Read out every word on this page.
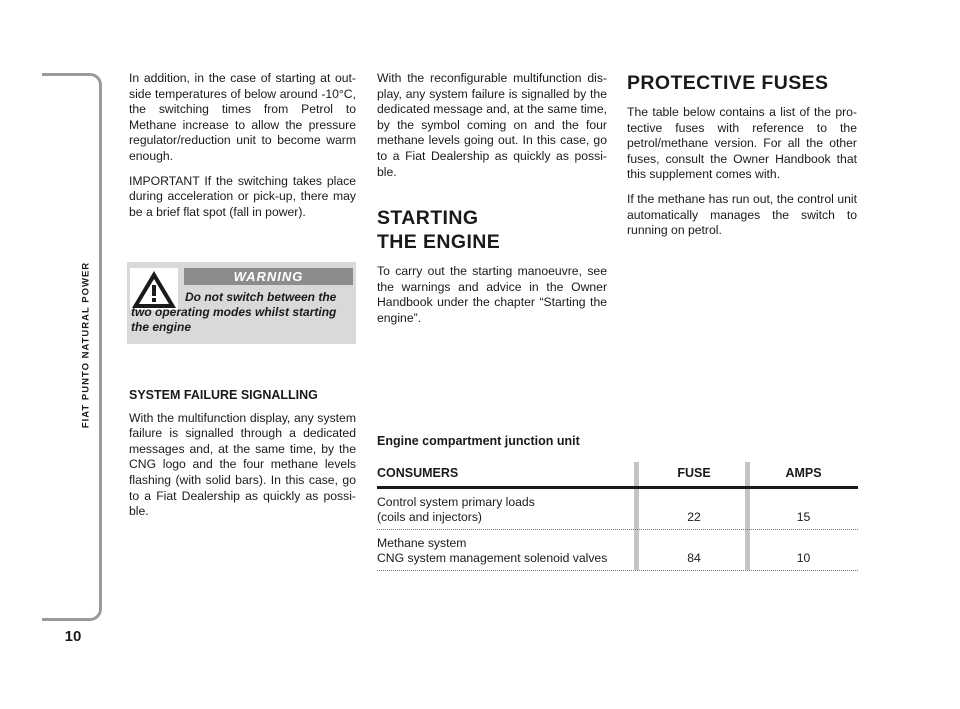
FIAT PUNTO NATURAL POWER
10

In addition, in the case of starting at out-side temperatures of below around -10°C, the switching times from Petrol to Methane increase to allow the pressure regulator/reduction unit to become warm enough.

IMPORTANT If the switching takes place during acceleration or pick-up, there may be a brief flat spot (fall in power).

WARNING
Do not switch between the two operating modes whilst starting the engine
SYSTEM FAILURE SIGNALLING

With the multifunction display, any system failure is signalled through a dedicated messages and, at the same time, by the CNG logo and the four methane levels flashing (with solid bars). In this case, go to a Fiat Dealership as quickly as possi-ble.

With the reconfigurable multifunction dis-play, any system failure is signalled by the dedicated message and, at the same time, by the symbol coming on and the four methane levels going out. In this case, go to a Fiat Dealership as quickly as possi-ble.

STARTING
THE ENGINE

To carry out the starting manoeuvre, see the warnings and advice in the Owner Handbook under the chapter “Starting the engine”.

PROTECTIVE FUSES

The table below contains a list of the pro-tective fuses with reference to the petrol/methane version. For all the other fuses, consult the Owner Handbook that this supplement comes with.

If the methane has run out, the control unit automatically manages the switch to running on petrol.

Engine compartment junction unit
CONSUMERS	FUSE	AMPS
Control system primary loads
(coils and injectors)	22	15
Methane system
CNG system management solenoid valves	84	10
